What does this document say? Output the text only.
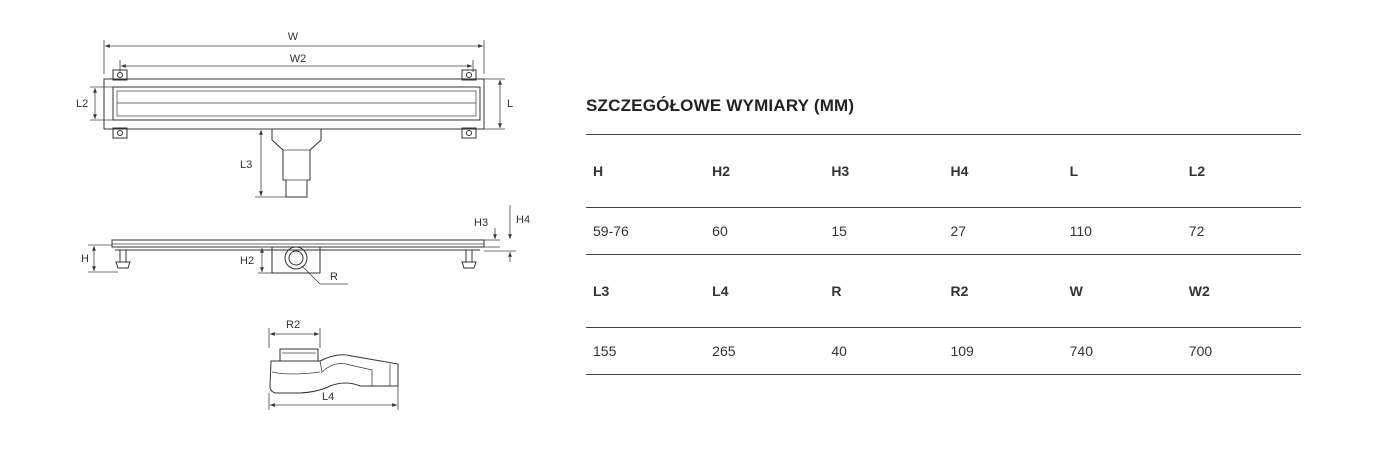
W
W2
L2	L
L3
R
H	H2
H3	H4
R2
L4
SZCZEGÓŁOWE WYMIARY (MM)
H	H2	H3	H4	L	L2
59-76	60	15	27	110	72
L3	L4	R	R2	W	W2
155	265	40	109	740	700
